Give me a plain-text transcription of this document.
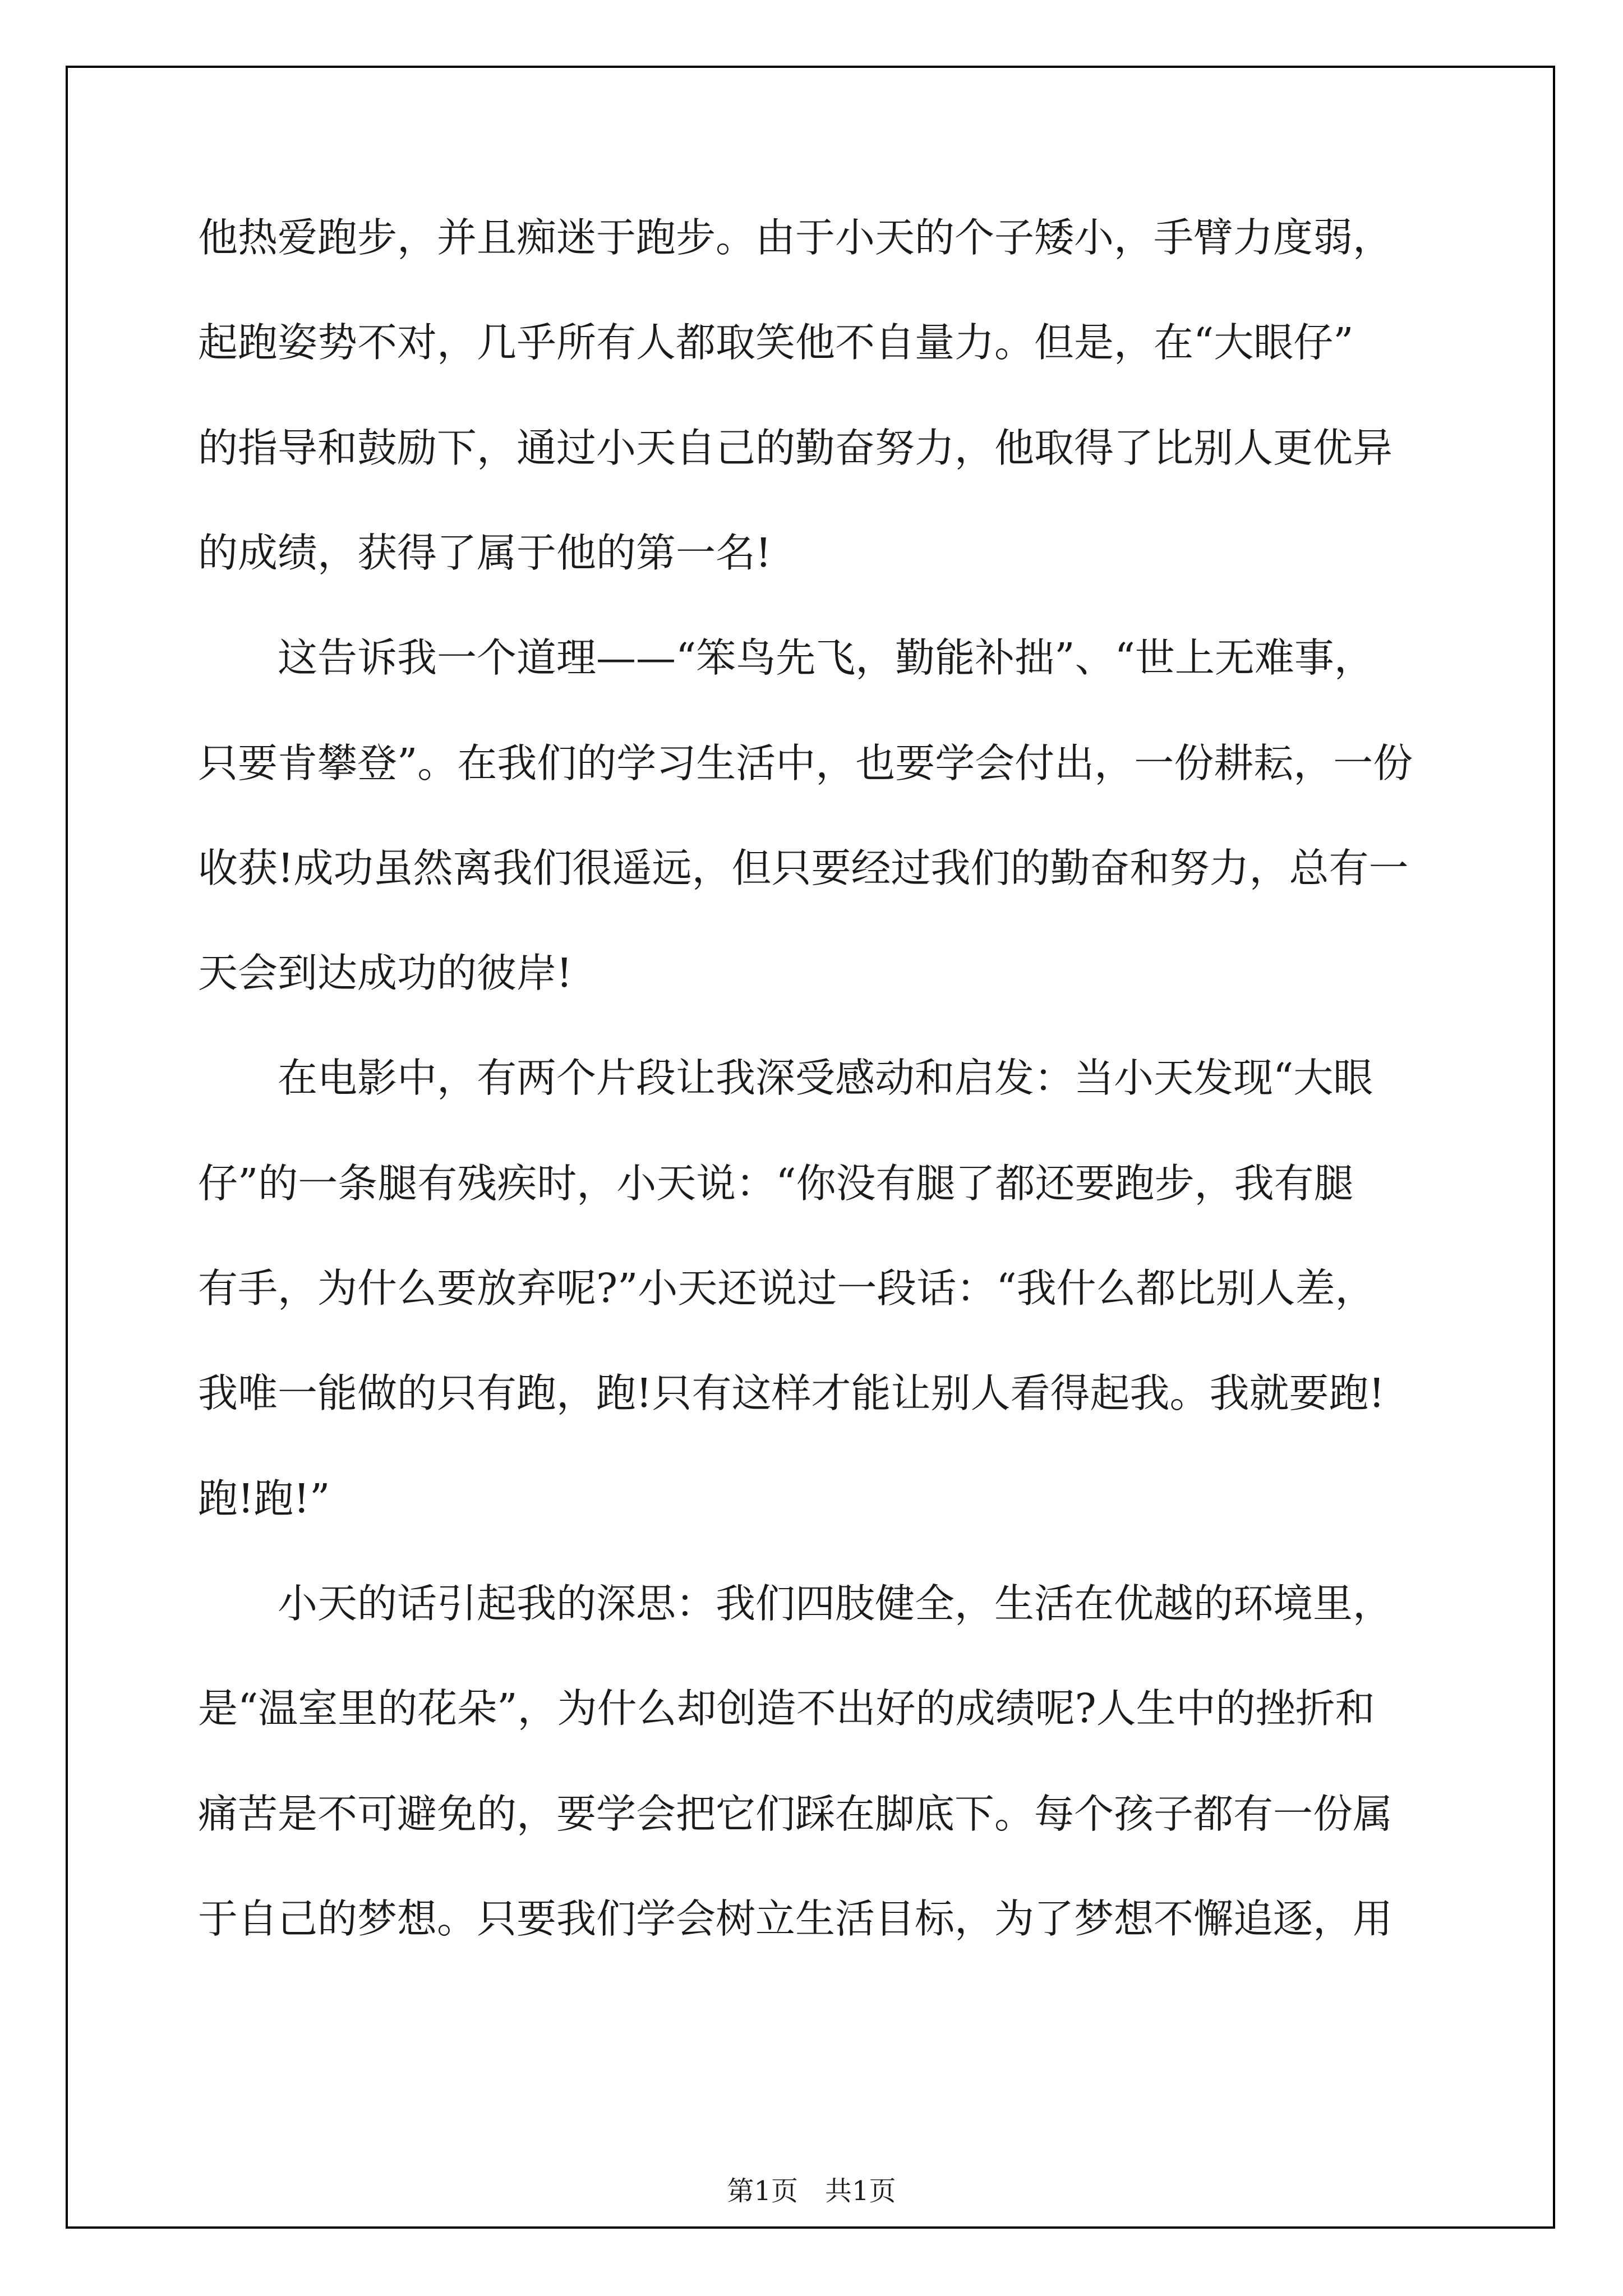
他热爱跑步，并且痴迷于跑步。由于小天的个子矮小，手臂力度弱，
起跑姿势不对，几乎所有人都取笑他不自量力。但是，在“大眼仔”
的指导和鼓励下，通过小天自己的勤奋努力，他取得了比别人更优异
的成绩，获得了属于他的第一名!
这告诉我一个道理——“笨鸟先飞，勤能补拙”、“世上无难事，
只要肯攀登”。在我们的学习生活中，也要学会付出，一份耕耘，一份
收获!成功虽然离我们很遥远，但只要经过我们的勤奋和努力，总有一
天会到达成功的彼岸!
在电影中，有两个片段让我深受感动和启发：当小天发现“大眼
仔”的一条腿有残疾时，小天说：“你没有腿了都还要跑步，我有腿
有手，为什么要放弃呢?”小天还说过一段话：“我什么都比别人差，
我唯一能做的只有跑，跑!只有这样才能让别人看得起我。我就要跑!
跑!跑!”
小天的话引起我的深思：我们四肢健全，生活在优越的环境里，
是“温室里的花朵”，为什么却创造不出好的成绩呢?人生中的挫折和
痛苦是不可避免的，要学会把它们踩在脚底下。每个孩子都有一份属
于自己的梦想。只要我们学会树立生活目标，为了梦想不懈追逐，用
第1页　共1页
